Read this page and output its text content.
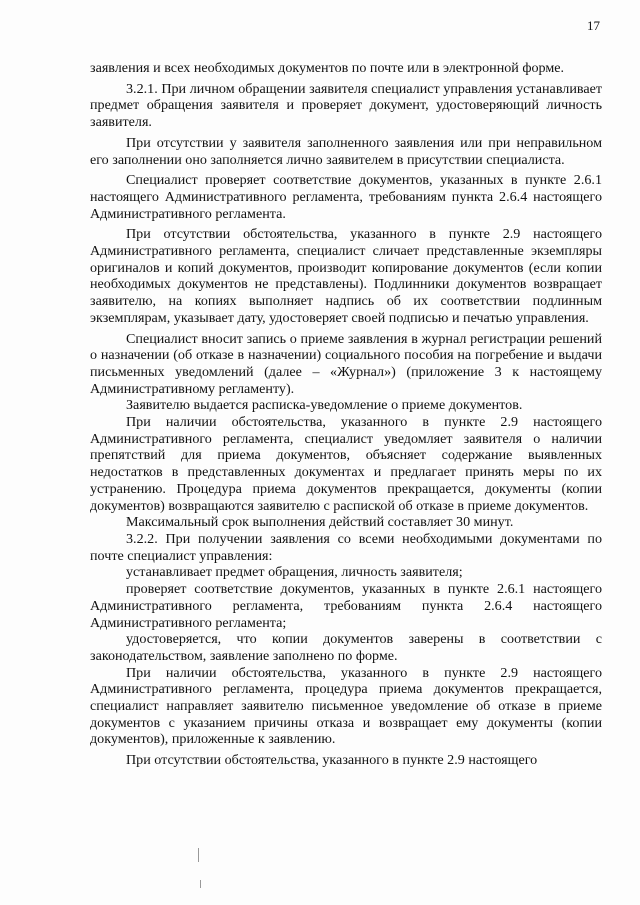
17

заявления и всех необходимых документов по почте или в электронной форме.

3.2.1. При личном обращении заявителя специалист управления устанавливает предмет обращения заявителя и проверяет документ, удостоверяющий личность заявителя.

При отсутствии у заявителя заполненного заявления или при неправильном его заполнении оно заполняется лично заявителем в присутствии специалиста.

Специалист проверяет соответствие документов, указанных в пункте 2.6.1 настоящего Административного регламента, требованиям пункта 2.6.4 настоящего Административного регламента.

При отсутствии обстоятельства, указанного в пункте 2.9 настоящего Административного регламента, специалист сличает представленные экземпляры оригиналов и копий документов, производит копирование документов (если копии необходимых документов не представлены). Подлинники документов возвращает заявителю, на копиях выполняет надпись об их соответствии подлинным экземплярам, указывает дату, удостоверяет своей подписью и печатью управления.

Специалист вносит запись о приеме заявления в журнал регистрации решений о назначении (об отказе в назначении) социального пособия на погребение и выдачи письменных уведомлений (далее – «Журнал») (приложение 3 к настоящему Административному регламенту).

Заявителю выдается расписка-уведомление о приеме документов.

При наличии обстоятельства, указанного в пункте 2.9 настоящего Административного регламента, специалист уведомляет заявителя о наличии препятствий для приема документов, объясняет содержание выявленных недостатков в представленных документах и предлагает принять меры по их устранению. Процедура приема документов прекращается, документы (копии документов) возвращаются заявителю с распиской об отказе в приеме документов.

Максимальный срок выполнения действий составляет 30 минут.

3.2.2. При получении заявления со всеми необходимыми документами по почте специалист управления:

устанавливает предмет обращения, личность заявителя;

проверяет соответствие документов, указанных в пункте 2.6.1 настоящего Административного регламента, требованиям пункта 2.6.4 настоящего Административного регламента;

удостоверяется, что копии документов заверены в соответствии с законодательством, заявление заполнено по форме.

При наличии обстоятельства, указанного в пункте 2.9 настоящего Административного регламента, процедура приема документов прекращается, специалист направляет заявителю письменное уведомление об отказе в приеме документов с указанием причины отказа и возвращает ему документы (копии документов), приложенные к заявлению.

При отсутствии обстоятельства, указанного в пункте 2.9 настоящего
